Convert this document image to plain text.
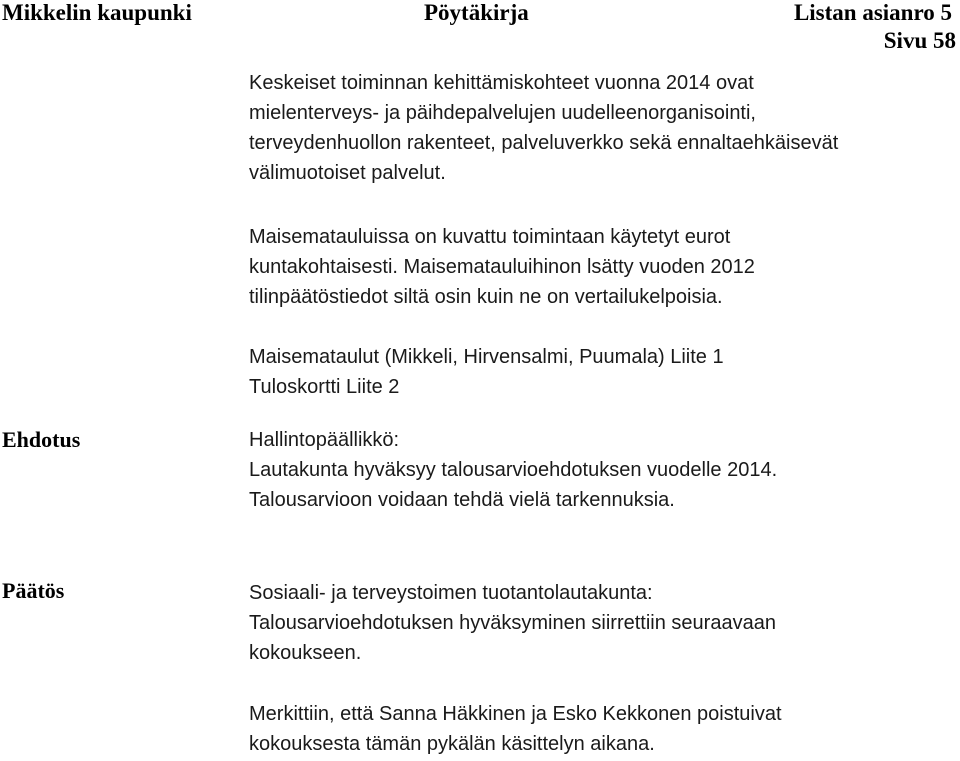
Mikkelin kaupunki	Pöytäkirja	Listan asianro 5
Sivu 58
Keskeiset toiminnan kehittämiskohteet vuonna 2014 ovat
mielenterveys- ja päihdepalvelujen uudelleenorganisointi,
terveydenhuollon rakenteet, palveluverkko sekä ennaltaehkäisevät
välimuotoiset palvelut.
Maisematauluissa on kuvattu toimintaan käytetyt eurot
kuntakohtaisesti. Maisematauluihinon lsätty vuoden 2012
tilinpäätöstiedot siltä osin kuin ne on vertailukelpoisia.
Maisemataulut (Mikkeli, Hirvensalmi, Puumala) Liite 1
Tuloskortti Liite 2
Ehdotus	Hallintopäällikkö:
Lautakunta hyväksyy talousarvioehdotuksen vuodelle 2014.
Talousarvioon voidaan tehdä vielä tarkennuksia.
Päätös	Sosiaali- ja terveystoimen tuotantolautakunta:
Talousarvioehdotuksen hyväksyminen siirrettiin seuraavaan
kokoukseen.
Merkittiin, että Sanna Häkkinen ja Esko Kekkonen poistuivat
kokouksesta tämän pykälän käsittelyn aikana.
